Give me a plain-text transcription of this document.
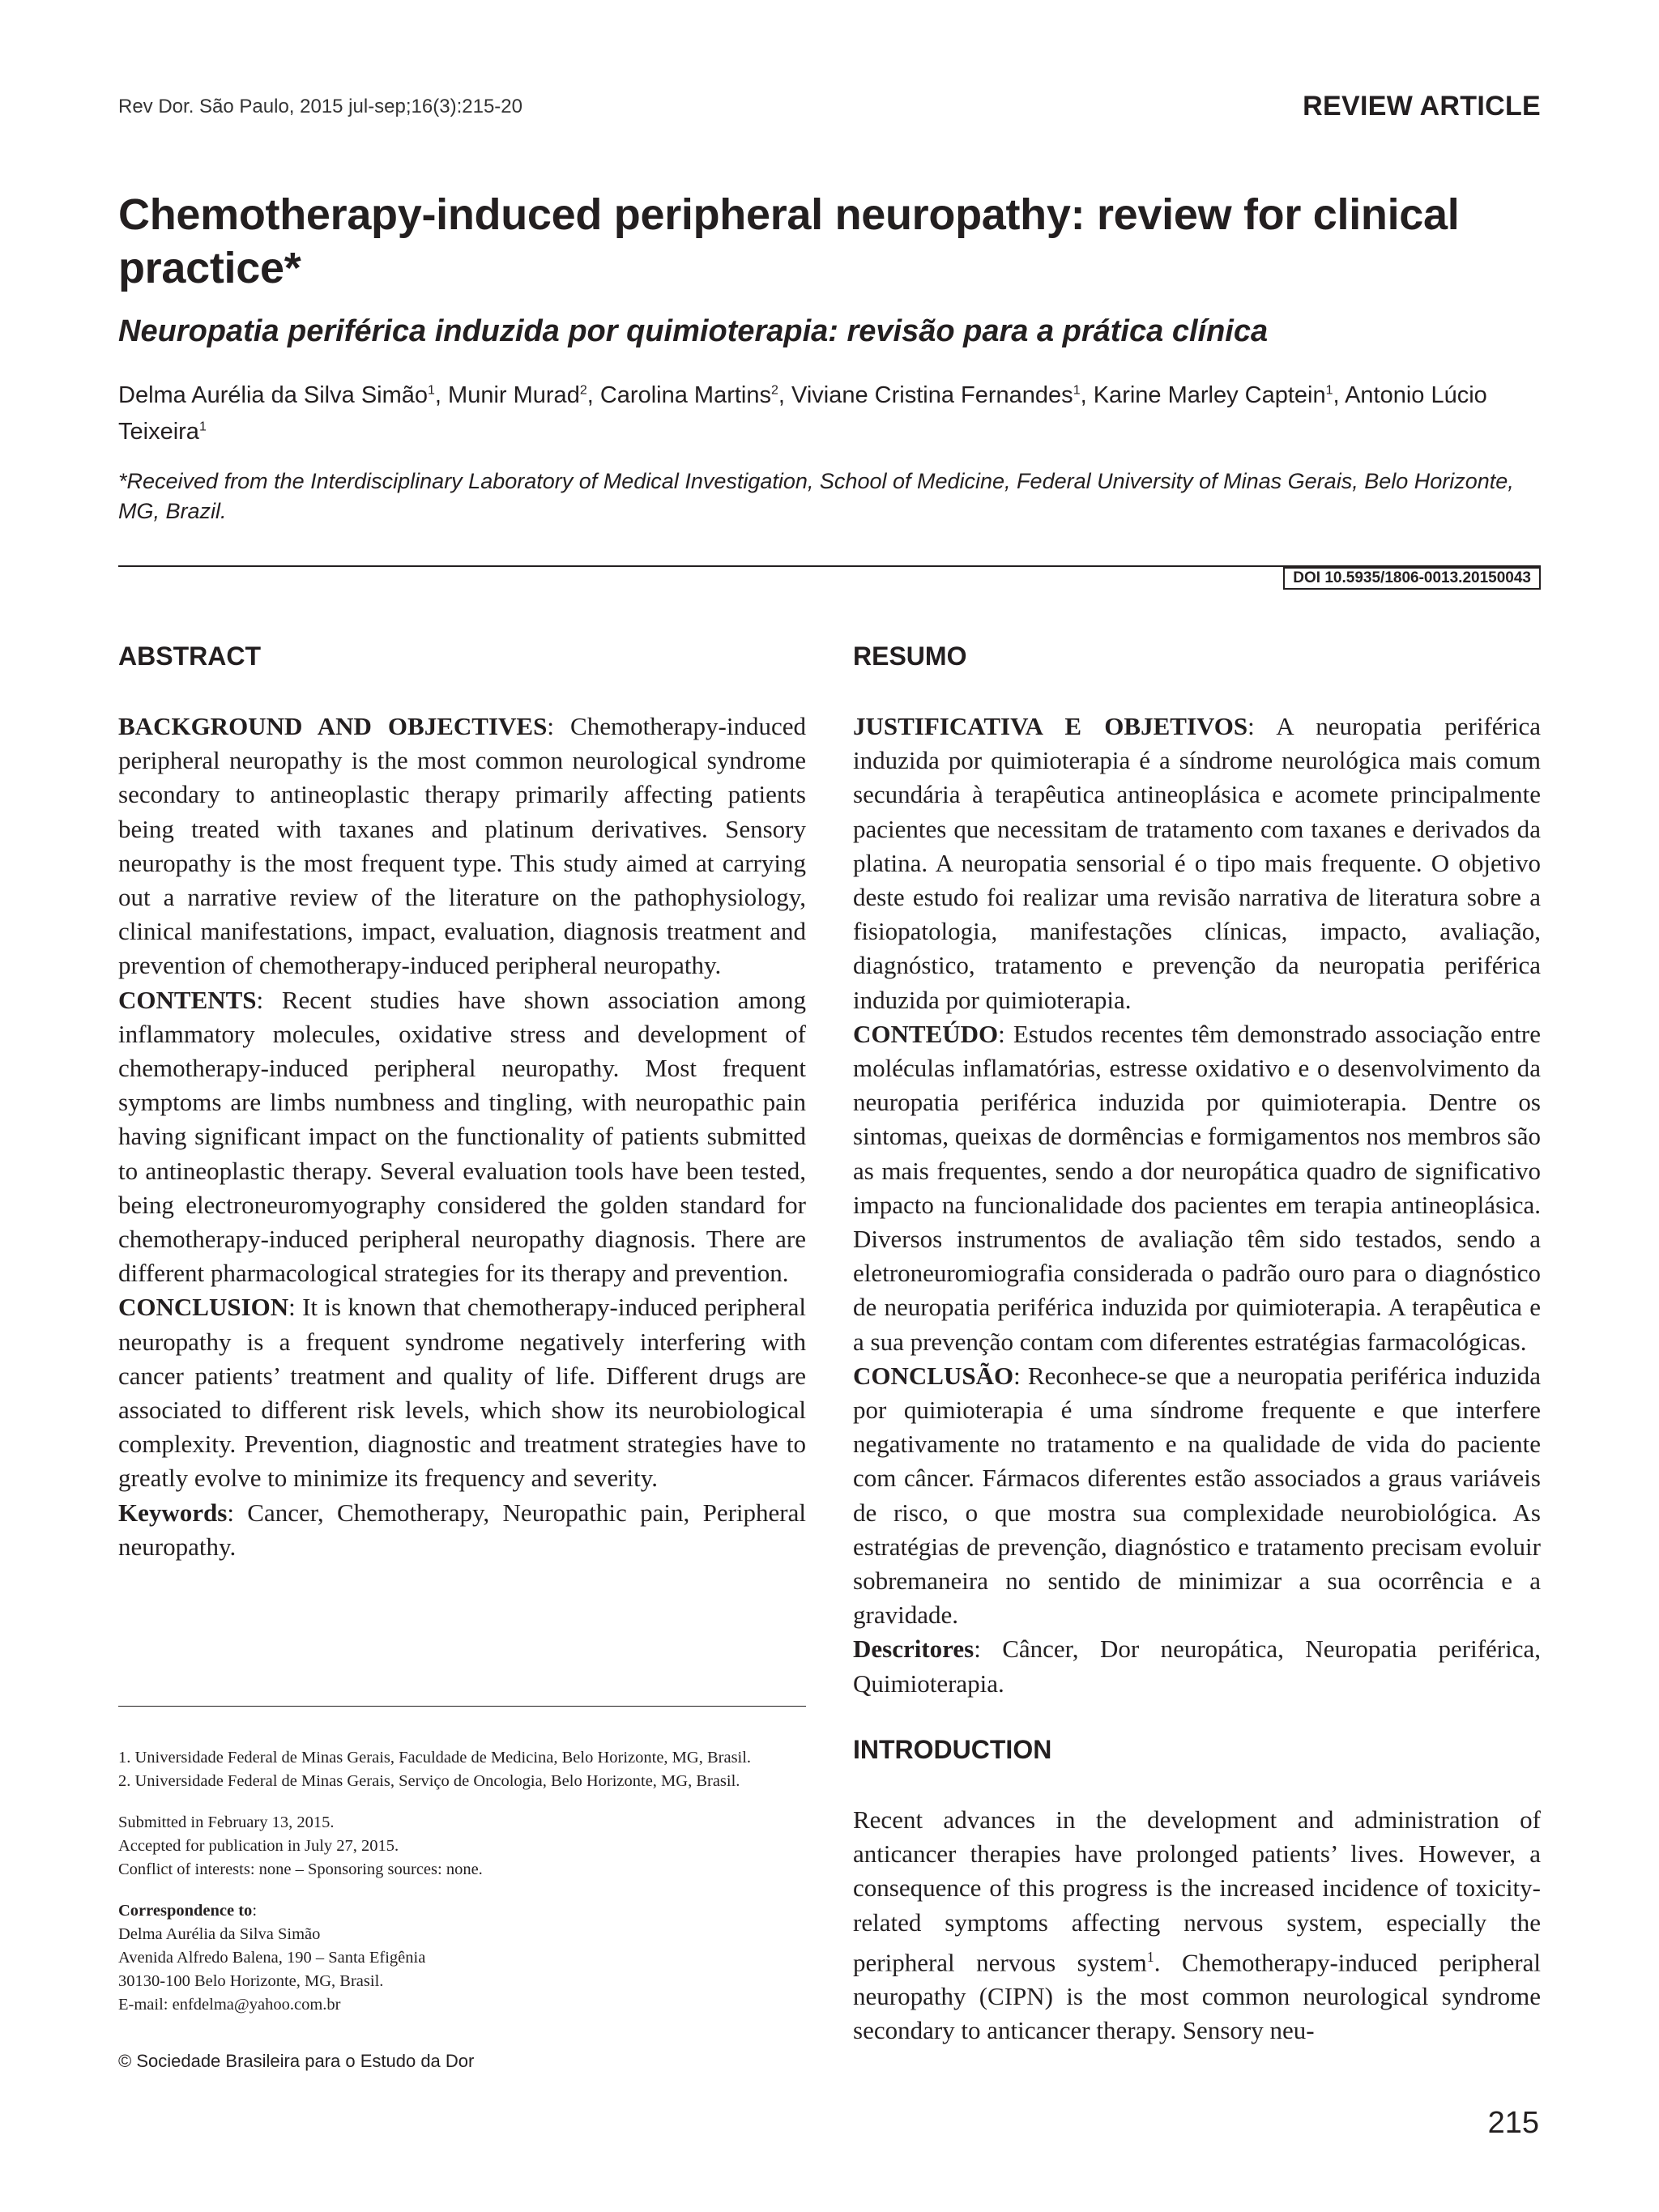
Rev Dor. São Paulo, 2015 jul-sep;16(3):215-20	REVIEW ARTICLE
Chemotherapy-induced peripheral neuropathy: review for clinical practice*
Neuropatia periférica induzida por quimioterapia: revisão para a prática clínica

Delma Aurélia da Silva Simão$^1$, Munir Murad$^2$, Carolina Martins$^2$, Viviane Cristina Fernandes$^1$, Karine Marley Captein$^1$, Antonio Lúcio Teixeira$^1$

*Received from the Interdisciplinary Laboratory of Medical Investigation, School of Medicine, Federal University of Minas Gerais, Belo Horizonte, MG, Brazil.

DOI 10.5935/1806-0013.20150043
ABSTRACT

BACKGROUND AND OBJECTIVES: Chemotherapy-induced peripheral neuropathy is the most common neurological syndrome secondary to antineoplastic therapy primarily affecting patients being treated with taxanes and platinum derivatives. Sensory neuropathy is the most frequent type. This study aimed at carrying out a narrative review of the literature on the pathophysiology, clinical manifestations, impact, evaluation, diagnosis treatment and prevention of chemotherapy-induced peripheral neuropathy.

CONTENTS: Recent studies have shown association among inflammatory molecules, oxidative stress and development of chemotherapy-induced peripheral neuropathy. Most frequent symptoms are limbs numbness and tingling, with neuropathic pain having significant impact on the functionality of patients submitted to antineoplastic therapy. Several evaluation tools have been tested, being electroneuromyography considered the golden standard for chemotherapy-induced peripheral neuropathy diagnosis. There are different pharmacological strategies for its therapy and prevention.

CONCLUSION: It is known that chemotherapy-induced peripheral neuropathy is a frequent syndrome negatively interfering with cancer patients’ treatment and quality of life. Different drugs are associated to different risk levels, which show its neurobiological complexity. Prevention, diagnostic and treatment strategies have to greatly evolve to minimize its frequency and severity.

Keywords: Cancer, Chemotherapy, Neuropathic pain, Peripheral neuropathy.

1. Universidade Federal de Minas Gerais, Faculdade de Medicina, Belo Horizonte, MG, Brasil.

2. Universidade Federal de Minas Gerais, Serviço de Oncologia, Belo Horizonte, MG, Brasil.

Submitted in February 13, 2015.

Accepted for publication in July 27, 2015.

Conflict of interests: none – Sponsoring sources: none.

Correspondence to:

Delma Aurélia da Silva Simão

Avenida Alfredo Balena, 190 – Santa Efigênia

30130-100 Belo Horizonte, MG, Brasil.

E-mail: enfdelma@yahoo.com.br

© Sociedade Brasileira para o Estudo da Dor
RESUMO

JUSTIFICATIVA E OBJETIVOS: A neuropatia periférica induzida por quimioterapia é a síndrome neurológica mais comum secundária à terapêutica antineoplásica e acomete principalmente pacientes que necessitam de tratamento com taxanes e derivados da platina. A neuropatia sensorial é o tipo mais frequente. O objetivo deste estudo foi realizar uma revisão narrativa de literatura sobre a fisiopatologia, manifestações clínicas, impacto, avaliação, diagnóstico, tratamento e prevenção da neuropatia periférica induzida por quimioterapia.

CONTEÚDO: Estudos recentes têm demonstrado associação entre moléculas inflamatórias, estresse oxidativo e o desenvolvimento da neuropatia periférica induzida por quimioterapia. Dentre os sintomas, queixas de dormências e formigamentos nos membros são as mais frequentes, sendo a dor neuropática quadro de significativo impacto na funcionalidade dos pacientes em terapia antineoplásica. Diversos instrumentos de avaliação têm sido testados, sendo a eletroneuromiografia considerada o padrão ouro para o diagnóstico de neuropatia periférica induzida por quimioterapia. A terapêutica e a sua prevenção contam com diferentes estratégias farmacológicas.

CONCLUSÃO: Reconhece-se que a neuropatia periférica induzida por quimioterapia é uma síndrome frequente e que interfere negativamente no tratamento e na qualidade de vida do paciente com câncer. Fármacos diferentes estão associados a graus variáveis de risco, o que mostra sua complexidade neurobiológica. As estratégias de prevenção, diagnóstico e tratamento precisam evoluir sobremaneira no sentido de minimizar a sua ocorrência e a gravidade.

Descritores: Câncer, Dor neuropática, Neuropatia periférica, Quimioterapia.

INTRODUCTION

Recent advances in the development and administration of anticancer therapies have prolonged patients’ lives. However, a consequence of this progress is the increased incidence of toxicity-related symptoms affecting nervous system, especially the peripheral nervous system$^1$. Chemotherapy-induced peripheral neuropathy (CIPN) is the most common neurological syndrome secondary to anticancer therapy. Sensory neu-

215
